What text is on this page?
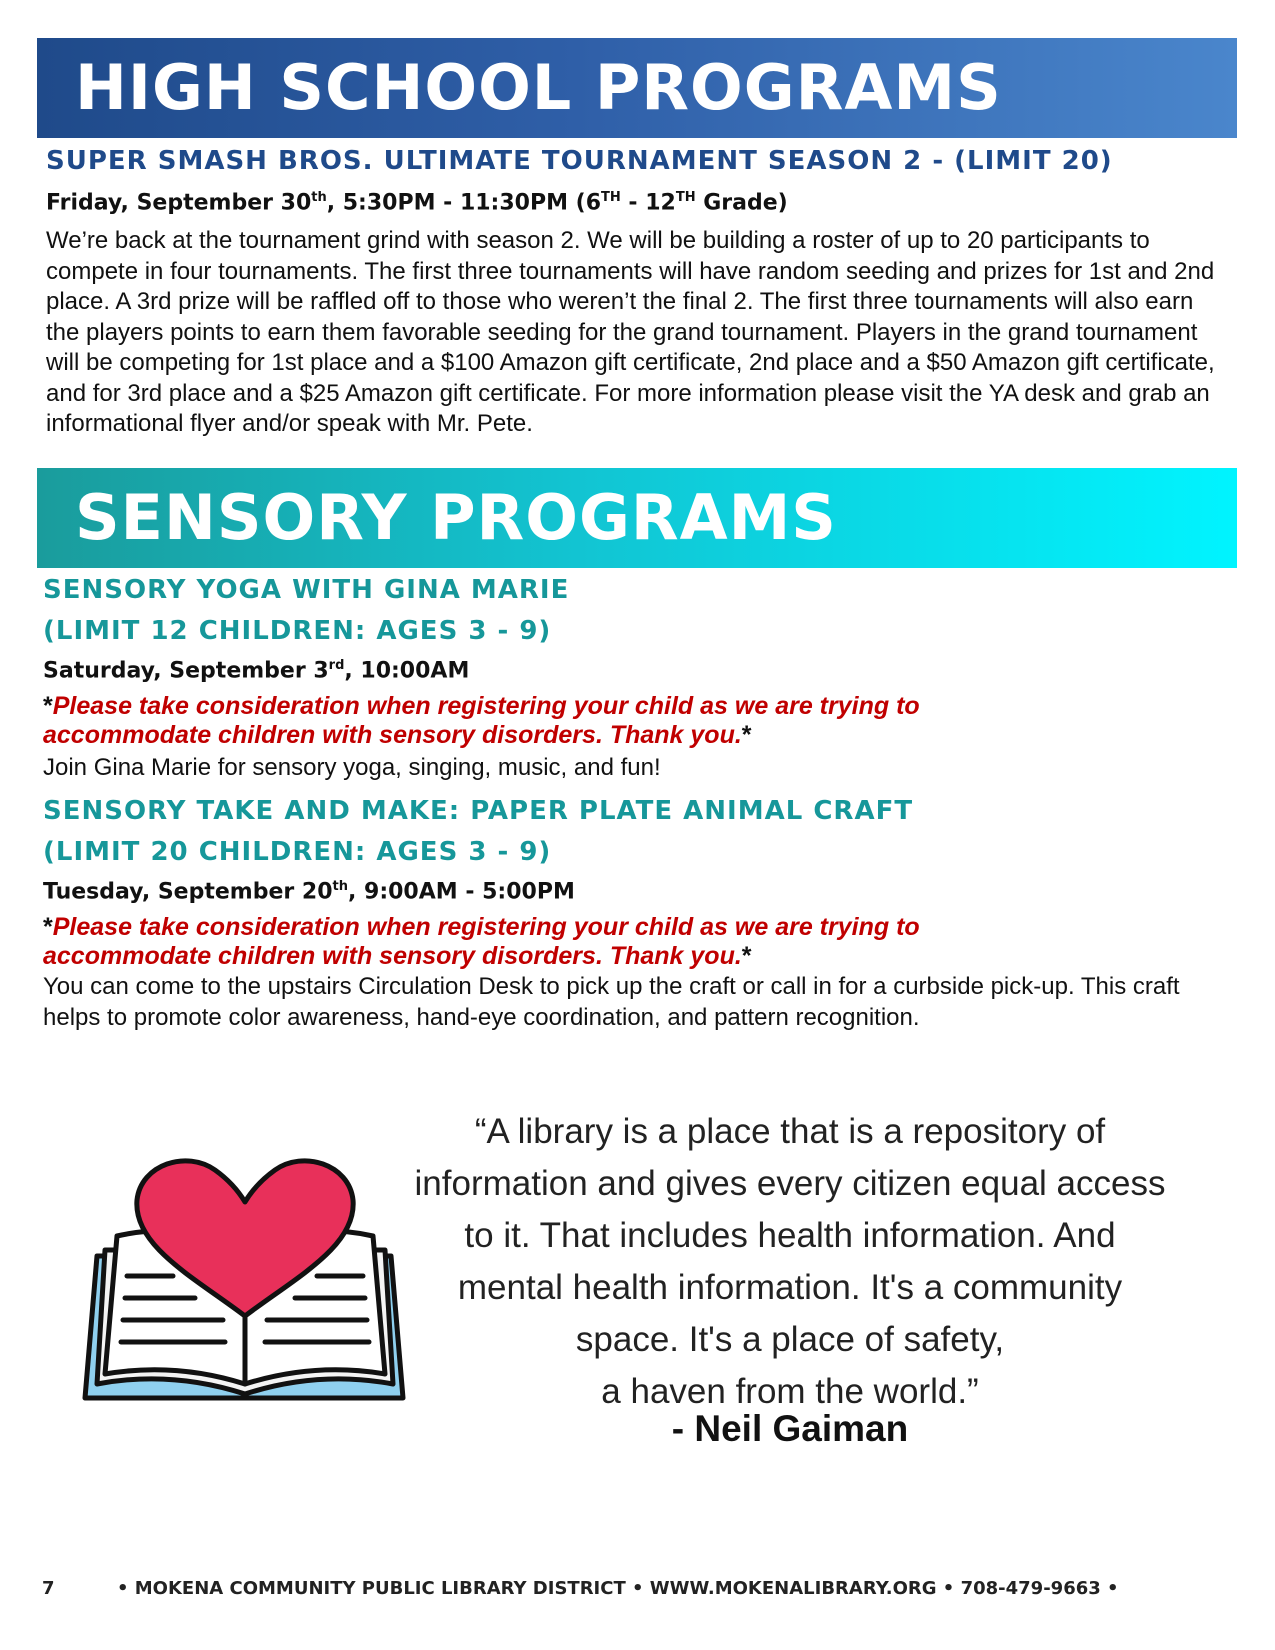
HIGH SCHOOL PROGRAMS
SUPER SMASH BROS. ULTIMATE TOURNAMENT SEASON 2 - (LIMIT 20)
Friday, September 30th, 5:30PM - 11:30PM (6TH - 12TH Grade)
We’re back at the tournament grind with season 2. We will be building a roster of up to 20 participants to compete in four tournaments. The first three tournaments will have random seeding and prizes for 1st and 2nd place. A 3rd prize will be raffled off to those who weren’t the final 2. The first three tournaments will also earn the players points to earn them favorable seeding for the grand tournament. Players in the grand tournament will be competing for 1st place and a $100 Amazon gift certificate, 2nd place and a $50 Amazon gift certificate, and for 3rd place and a $25 Amazon gift certificate. For more information please visit the YA desk and grab an informational flyer and/or speak with Mr. Pete.
SENSORY PROGRAMS
SENSORY YOGA WITH GINA MARIE
(LIMIT 12 CHILDREN: AGES 3 - 9)
Saturday, September 3rd, 10:00AM
*Please take consideration when registering your child as we are trying to accommodate children with sensory disorders. Thank you.*
Join Gina Marie for sensory yoga, singing, music, and fun!
SENSORY TAKE AND MAKE: PAPER PLATE ANIMAL CRAFT
(LIMIT 20 CHILDREN: AGES 3 - 9)
Tuesday, September 20th, 9:00AM - 5:00PM
*Please take consideration when registering your child as we are trying to accommodate children with sensory disorders. Thank you.*
You can come to the upstairs Circulation Desk to pick up the craft or call in for a curbside pick-up. This craft helps to promote color awareness, hand-eye coordination, and pattern recognition.
“A library is a place that is a repository of
information and gives every citizen equal access
to it. That includes health information. And
mental health information. It's a community
space. It's a place of safety,
a haven from the world.”
- Neil Gaiman
7	• MOKENA COMMUNITY PUBLIC LIBRARY DISTRICT • WWW.MOKENALIBRARY.ORG • 708-479-9663 •
